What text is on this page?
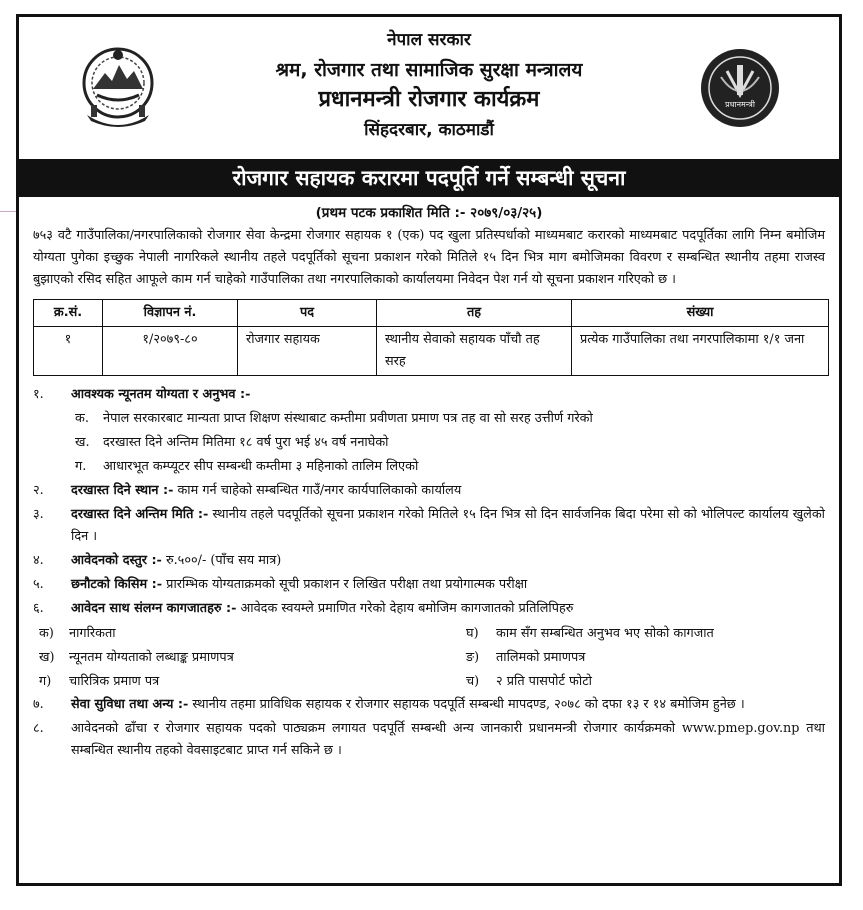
नेपाल सरकार
श्रम, रोजगार तथा सामाजिक सुरक्षा मन्त्रालय
प्रधानमन्त्री रोजगार कार्यक्रम
सिंहदरबार, काठमाडौं
प्रधानमन्त्री
रोजगार सहायक करारमा पदपूर्ति गर्ने सम्बन्धी सूचना
(प्रथम पटक प्रकाशित मिति :- २०७९/०३/२५)
७५३ वटै गाउँपालिका/नगरपालिकाको रोजगार सेवा केन्द्रमा रोजगार सहायक १ (एक) पद खुला प्रतिस्पर्धाको माध्यमबाट करारको माध्यमबाट पदपूर्तिका लागि निम्न बमोजिम योग्यता पुगेका इच्छुक नेपाली नागरिकले स्थानीय तहले पदपूर्तिको सूचना प्रकाशन गरेको मितिले १५ दिन भित्र माग बमोजिमका विवरण र सम्बन्धित स्थानीय तहमा राजस्व बुझाएको रसिद सहित आफूले काम गर्न चाहेको गाउँपालिका तथा नगरपालिकाको कार्यालयमा निवेदन पेश गर्न यो सूचना प्रकाशन गरिएको छ ।
क्र.सं.	विज्ञापन नं.	पद	तह	संख्या
१	१/२०७९-८०	रोजगार सहायक	स्थानीय सेवाको सहायक पाँचौ तह सरह	प्रत्येक गाउँपालिका तथा नगरपालिकामा १/१ जना
१.	आवश्यक न्यूनतम योग्यता र अनुभव :-
क.	नेपाल सरकारबाट मान्यता प्राप्त शिक्षण संस्थाबाट कम्तीमा प्रवीणता प्रमाण पत्र तह वा सो सरह उत्तीर्ण गरेको
ख.	दरखास्त दिने अन्तिम मितिमा १८ वर्ष पुरा भई ४५ वर्ष ननाघेको
ग.	आधारभूत कम्प्यूटर सीप सम्बन्धी कम्तीमा ३ महिनाको तालिम लिएको
२.	दरखास्त दिने स्थान :- काम गर्न चाहेको सम्बन्धित गाउँ/नगर कार्यपालिकाको कार्यालय
३.	दरखास्त दिने अन्तिम मिति :- स्थानीय तहले पदपूर्तिको सूचना प्रकाशन गरेको मितिले १५ दिन भित्र सो दिन सार्वजनिक बिदा परेमा सो को भोलिपल्ट कार्यालय खुलेको दिन ।
४.	आवेदनको दस्तुर :- रु.५००/- (पाँच सय मात्र)
५.	छनौटको किसिम :- प्रारम्भिक योग्यताक्रमको सूची प्रकाशन र लिखित परीक्षा तथा प्रयोगात्मक परीक्षा
६.	आवेदन साथ संलग्न कागजातहरु :- आवेदक स्वयम्ले प्रमाणित गरेको देहाय बमोजिम कागजातको प्रतिलिपिहरु
क)	नागरिकता	घ)	काम सँग सम्बन्धित अनुभव भए सोको कागजात
ख)	न्यूनतम योग्यताको लब्धाङ्क प्रमाणपत्र	ङ)	तालिमको प्रमाणपत्र
ग)	चारित्रिक प्रमाण पत्र	च)	२ प्रति पासपोर्ट फोटो
७.	सेवा सुविधा तथा अन्य :- स्थानीय तहमा प्राविधिक सहायक र रोजगार सहायक पदपूर्ति सम्बन्धी मापदण्ड, २०७८ को दफा १३ र १४ बमोजिम हुनेछ ।
८.	आवेदनको ढाँचा र रोजगार सहायक पदको पाठ्यक्रम लगायत पदपूर्ति सम्बन्धी अन्य जानकारी प्रधानमन्त्री रोजगार कार्यक्रमको www.pmep.gov.np तथा सम्बन्धित स्थानीय तहको वेवसाइटबाट प्राप्त गर्न सकिने छ ।
